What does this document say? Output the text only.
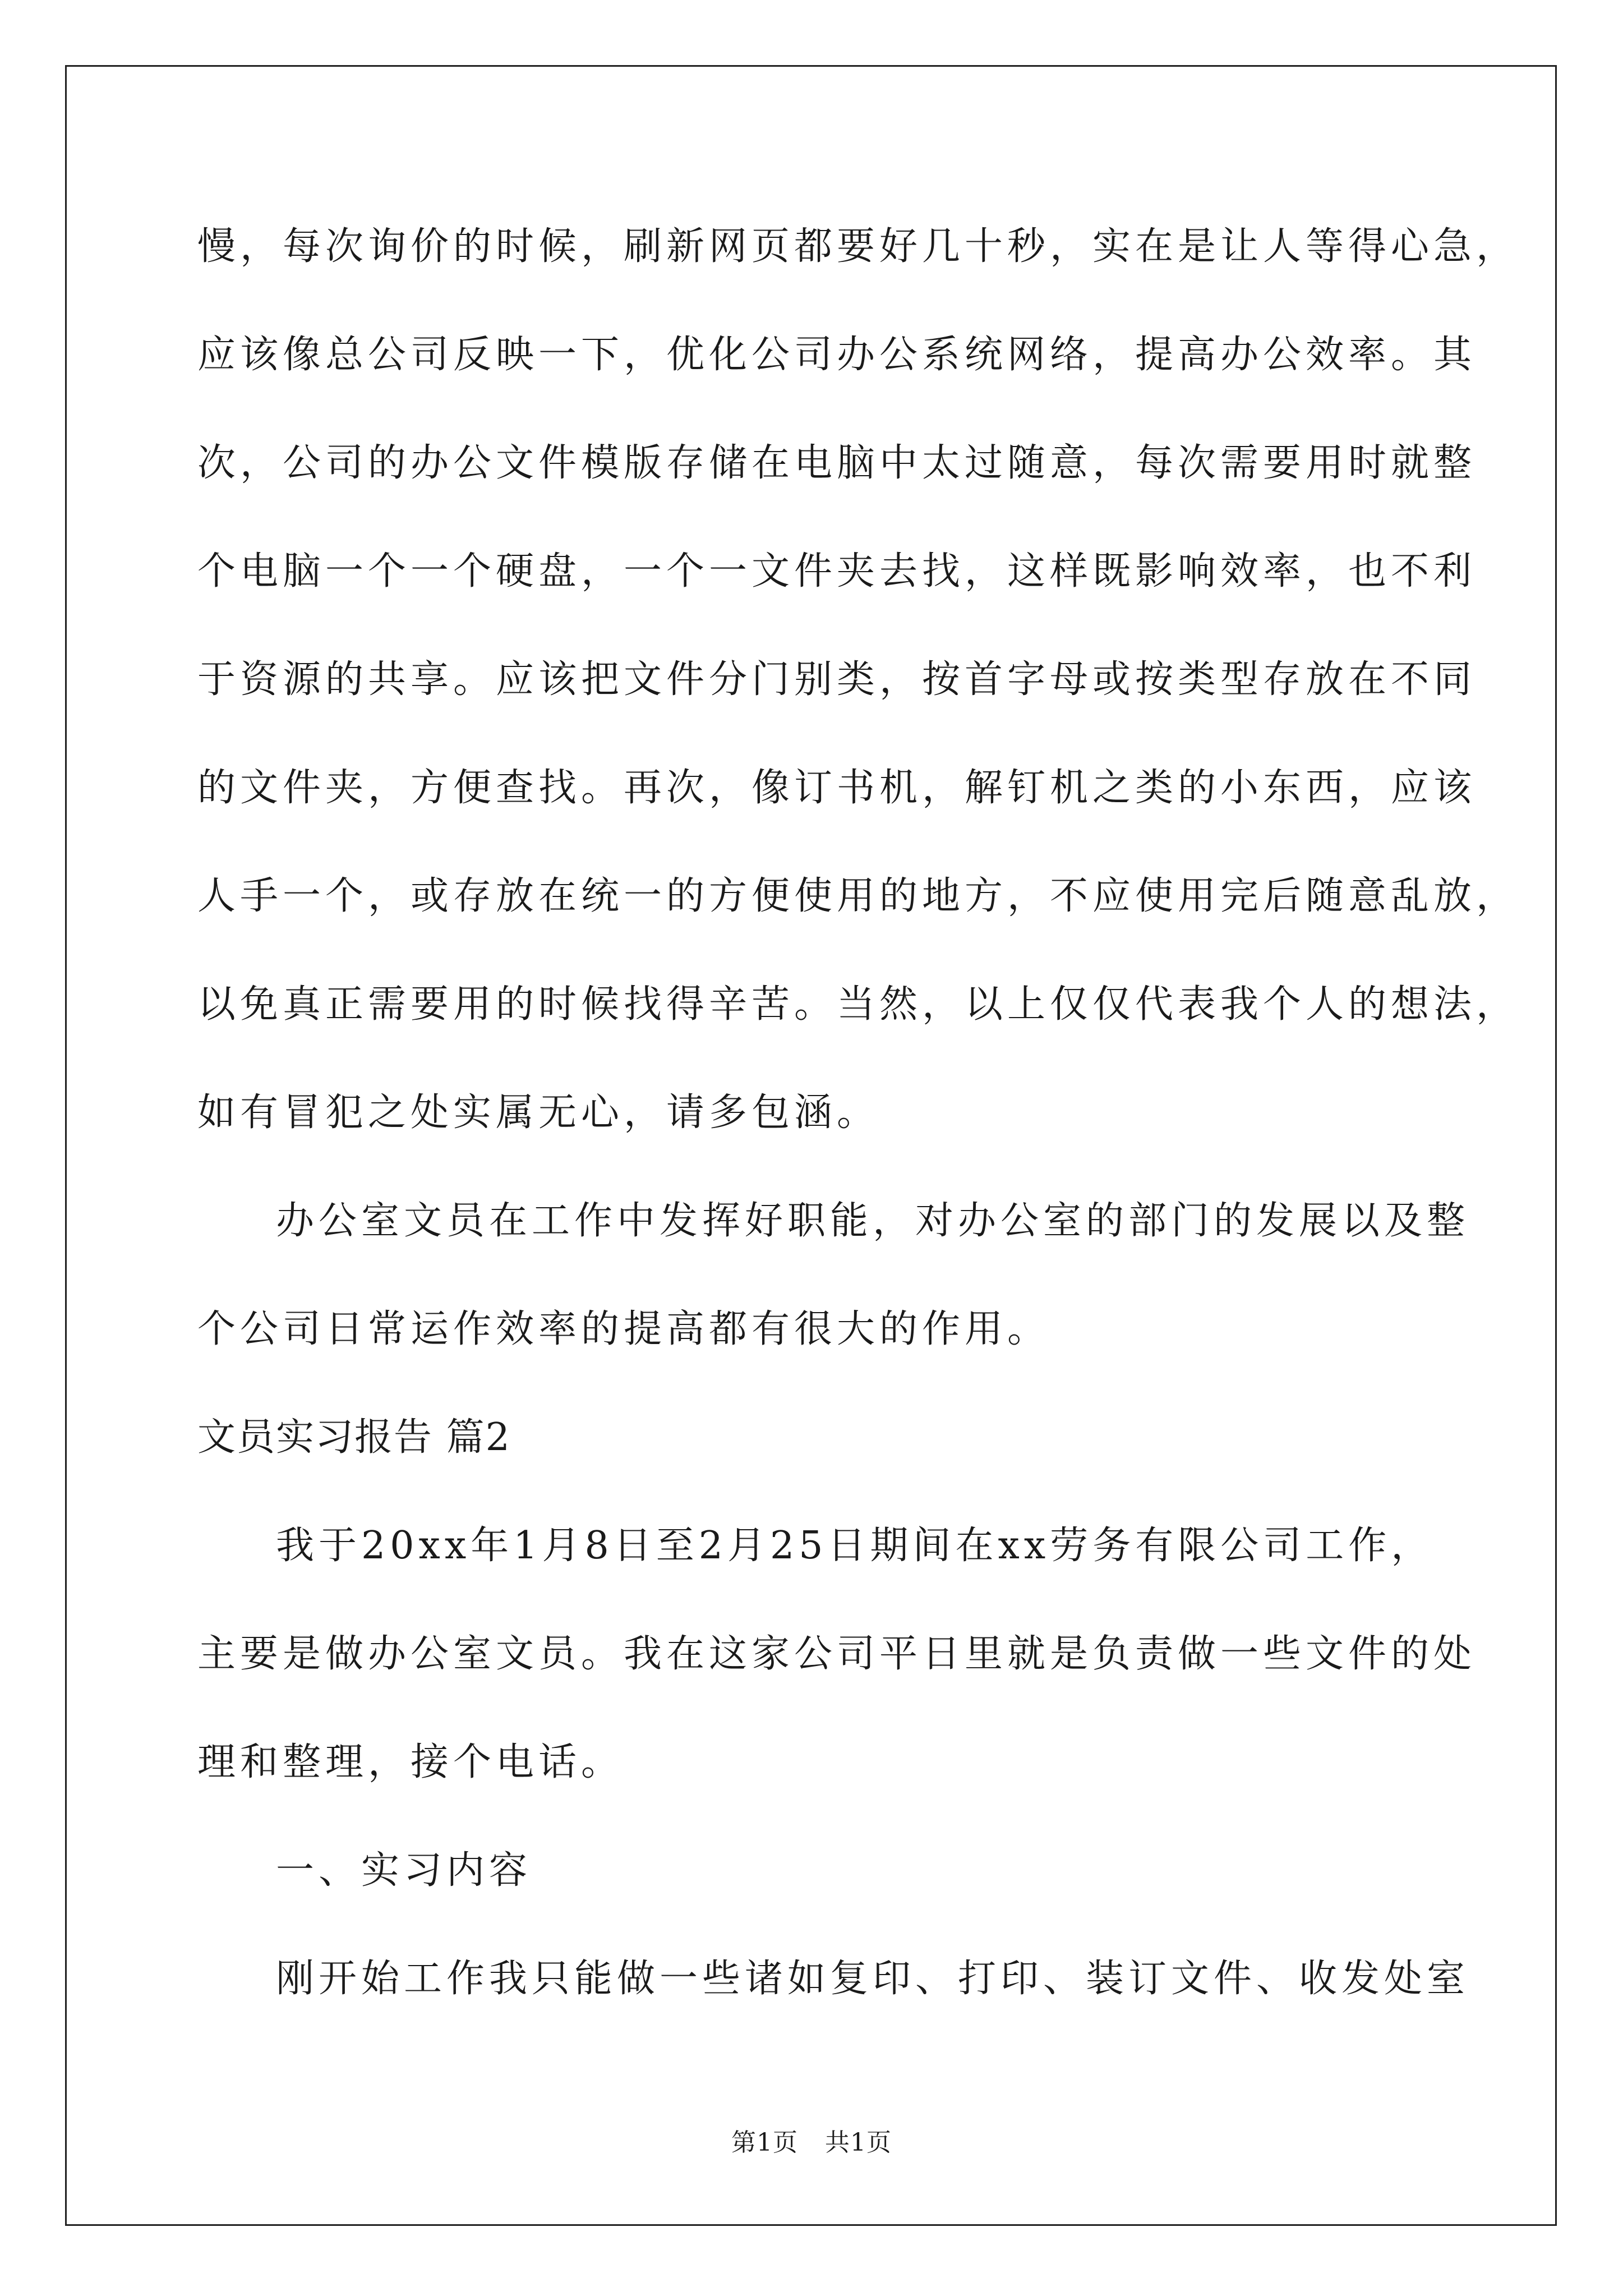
慢，每次询价的时候，刷新网页都要好几十秒，实在是让人等得心急，
应该像总公司反映一下，优化公司办公系统网络，提高办公效率。其
次，公司的办公文件模版存储在电脑中太过随意，每次需要用时就整
个电脑一个一个硬盘，一个一文件夹去找，这样既影响效率，也不利
于资源的共享。应该把文件分门别类，按首字母或按类型存放在不同
的文件夹，方便查找。再次，像订书机，解钉机之类的小东西，应该
人手一个，或存放在统一的方便使用的地方，不应使用完后随意乱放，
以免真正需要用的时候找得辛苦。当然，以上仅仅代表我个人的想法，
如有冒犯之处实属无心，请多包涵。
办公室文员在工作中发挥好职能，对办公室的部门的发展以及整
个公司日常运作效率的提高都有很大的作用。
文员实习报告 篇2
我于20xx年1月8日至2月25日期间在xx劳务有限公司工作，
主要是做办公室文员。我在这家公司平日里就是负责做一些文件的处
理和整理，接个电话。
一、实习内容
刚开始工作我只能做一些诸如复印、打印、装订文件、收发处室
第1页 共1页
